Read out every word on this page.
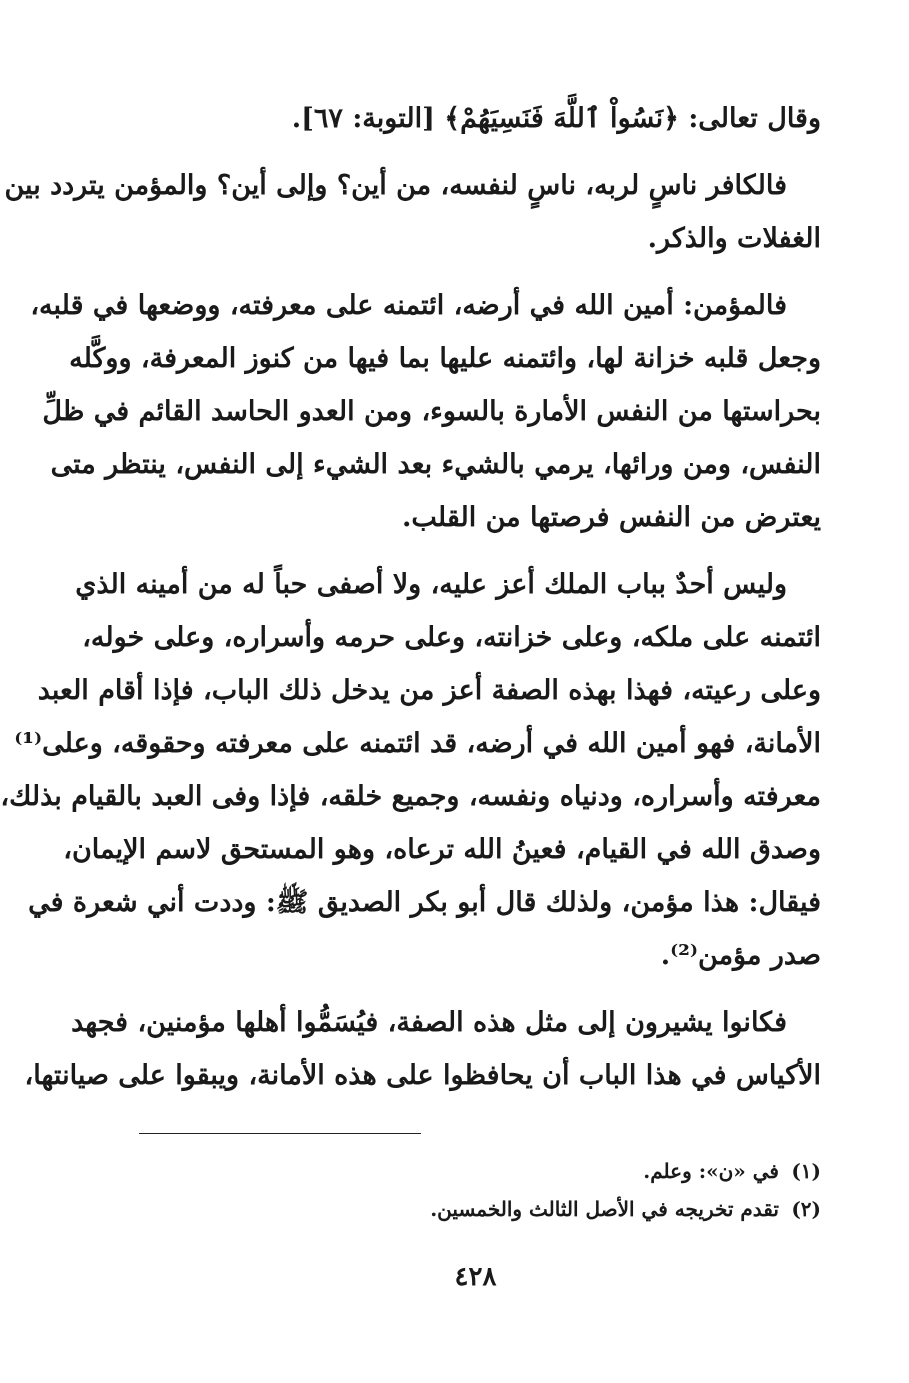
وقال تعالى: ﴿نَسُواْ ٱللَّهَ فَنَسِيَهُمْ﴾ [التوبة: ٦٧].
فالكافر ناسٍ لربه، ناسٍ لنفسه، من أين؟ وإلى أين؟ والمؤمن يتردد بين
الغفلات والذكر.
فالمؤمن: أمين الله في أرضه، ائتمنه على معرفته، ووضعها في قلبه،
وجعل قلبه خزانة لها، وائتمنه عليها بما فيها من كنوز المعرفة، ووكَّله
بحراستها من النفس الأمارة بالسوء، ومن العدو الحاسد القائم في ظلِّ
النفس، ومن ورائها، يرمي بالشيء بعد الشيء إلى النفس، ينتظر متى
يعترض من النفس فرصتها من القلب.
وليس أحدٌ بباب الملك أعز عليه، ولا أصفى حباً له من أمينه الذي
ائتمنه على ملكه، وعلى خزانته، وعلى حرمه وأسراره، وعلى خوله،
وعلى رعيته، فهذا بهذه الصفة أعز من يدخل ذلك الباب، فإذا أقام العبد
الأمانة، فهو أمين الله في أرضه، قد ائتمنه على معرفته وحقوقه، وعلى⁽¹⁾
معرفته وأسراره، ودنياه ونفسه، وجميع خلقه، فإذا وفى العبد بالقيام بذلك،
وصدق الله في القيام، فعينُ الله ترعاه، وهو المستحق لاسم الإيمان،
فيقال: هذا مؤمن، ولذلك قال أبو بكر الصديق ﷺ: وددت أني شعرة في
صدر مؤمن⁽²⁾.
فكانوا يشيرون إلى مثل هذه الصفة، فيُسَمُّوا أهلها مؤمنين، فجهد
الأكياس في هذا الباب أن يحافظوا على هذه الأمانة، ويبقوا على صيانتها،
(١)في «ن»: وعلم.
(٢)تقدم تخريجه في الأصل الثالث والخمسين.
٤٢٨
